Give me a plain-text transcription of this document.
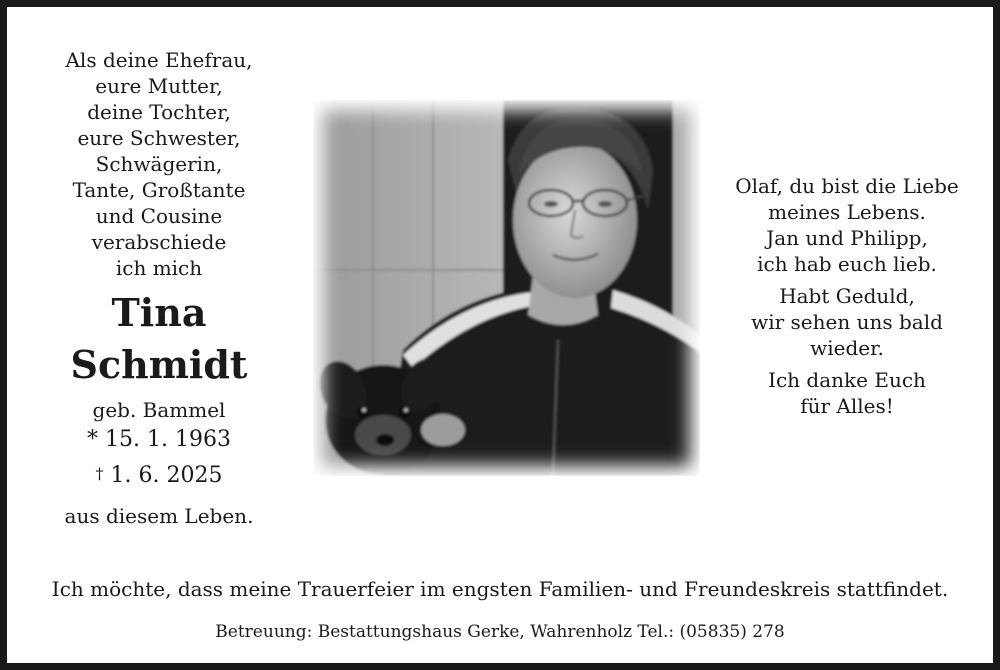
Als deine Ehefrau,
eure Mutter,
deine Tochter,
eure Schwester,
Schwägerin,
Tante, Großtante
und Cousine
verabschiede
ich mich
Tina
Schmidt
geb. Bammel
* 15. 1. 1963
† 1. 6. 2025
aus diesem Leben.
Olaf, du bist die Liebe
meines Lebens.
Jan und Philipp,
ich hab euch lieb.
Habt Geduld,
wir sehen uns bald
wieder.
Ich danke Euch
für Alles!
Ich möchte, dass meine Trauerfeier im engsten Familien- und Freundeskreis stattfindet.
Betreuung: Bestattungshaus Gerke, Wahrenholz Tel.: (05835) 278
